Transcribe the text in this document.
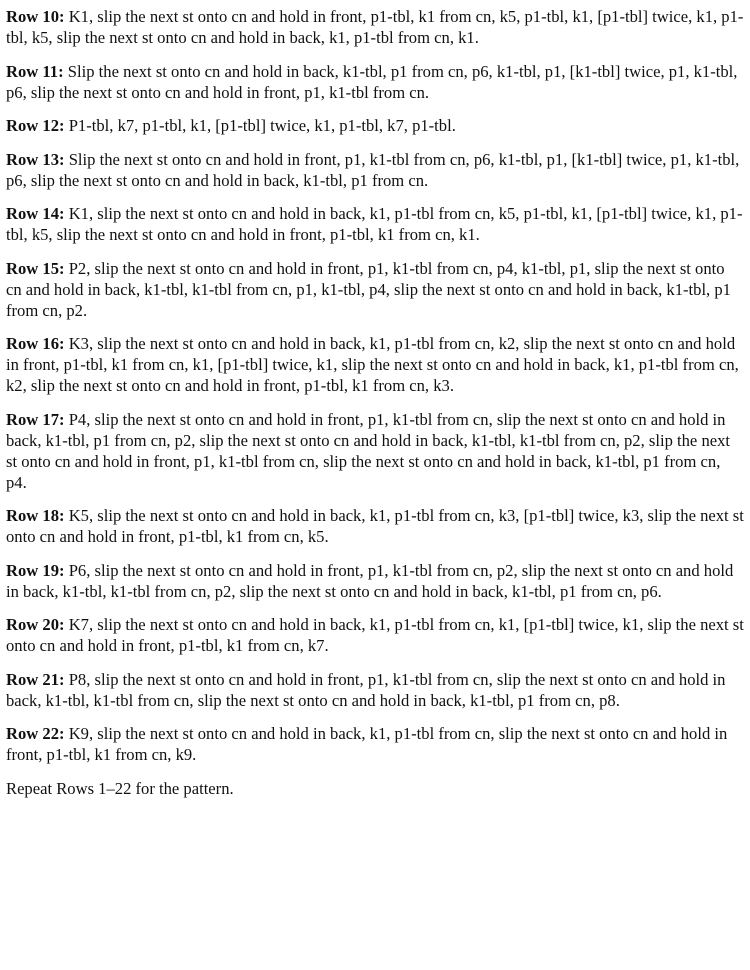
Row 10: K1, slip the next st onto cn and hold in front, p1-tbl, k1 from cn, k5, p1-tbl, k1, [p1-tbl] twice, k1, p1-tbl, k5, slip the next st onto cn and hold in back, k1, p1-tbl from cn, k1.

Row 11: Slip the next st onto cn and hold in back, k1-tbl, p1 from cn, p6, k1-tbl, p1, [k1-tbl] twice, p1, k1-tbl, p6, slip the next st onto cn and hold in front, p1, k1-tbl from cn.

Row 12: P1-tbl, k7, p1-tbl, k1, [p1-tbl] twice, k1, p1-tbl, k7, p1-tbl.

Row 13: Slip the next st onto cn and hold in front, p1, k1-tbl from cn, p6, k1-tbl, p1, [k1-tbl] twice, p1, k1-tbl, p6, slip the next st onto cn and hold in back, k1-tbl, p1 from cn.

Row 14: K1, slip the next st onto cn and hold in back, k1, p1-tbl from cn, k5, p1-tbl, k1, [p1-tbl] twice, k1, p1-tbl, k5, slip the next st onto cn and hold in front, p1-tbl, k1 from cn, k1.

Row 15: P2, slip the next st onto cn and hold in front, p1, k1-tbl from cn, p4, k1-tbl, p1, slip the next st onto cn and hold in back, k1-tbl, k1-tbl from cn, p1, k1-tbl, p4, slip the next st onto cn and hold in back, k1-tbl, p1 from cn, p2.

Row 16: K3, slip the next st onto cn and hold in back, k1, p1-tbl from cn, k2, slip the next st onto cn and hold in front, p1-tbl, k1 from cn, k1, [p1-tbl] twice, k1, slip the next st onto cn and hold in back, k1, p1-tbl from cn, k2, slip the next st onto cn and hold in front, p1-tbl, k1 from cn, k3.

Row 17: P4, slip the next st onto cn and hold in front, p1, k1-tbl from cn, slip the next st onto cn and hold in back, k1-tbl, p1 from cn, p2, slip the next st onto cn and hold in back, k1-tbl, k1-tbl from cn, p2, slip the next st onto cn and hold in front, p1, k1-tbl from cn, slip the next st onto cn and hold in back, k1-tbl, p1 from cn, p4.

Row 18: K5, slip the next st onto cn and hold in back, k1, p1-tbl from cn, k3, [p1-tbl] twice, k3, slip the next st onto cn and hold in front, p1-tbl, k1 from cn, k5.

Row 19: P6, slip the next st onto cn and hold in front, p1, k1-tbl from cn, p2, slip the next st onto cn and hold in back, k1-tbl, k1-tbl from cn, p2, slip the next st onto cn and hold in back, k1-tbl, p1 from cn, p6.

Row 20: K7, slip the next st onto cn and hold in back, k1, p1-tbl from cn, k1, [p1-tbl] twice, k1, slip the next st onto cn and hold in front, p1-tbl, k1 from cn, k7.

Row 21: P8, slip the next st onto cn and hold in front, p1, k1-tbl from cn, slip the next st onto cn and hold in back, k1-tbl, k1-tbl from cn, slip the next st onto cn and hold in back, k1-tbl, p1 from cn, p8.

Row 22: K9, slip the next st onto cn and hold in back, k1, p1-tbl from cn, slip the next st onto cn and hold in front, p1-tbl, k1 from cn, k9.

Repeat Rows 1–22 for the pattern.
